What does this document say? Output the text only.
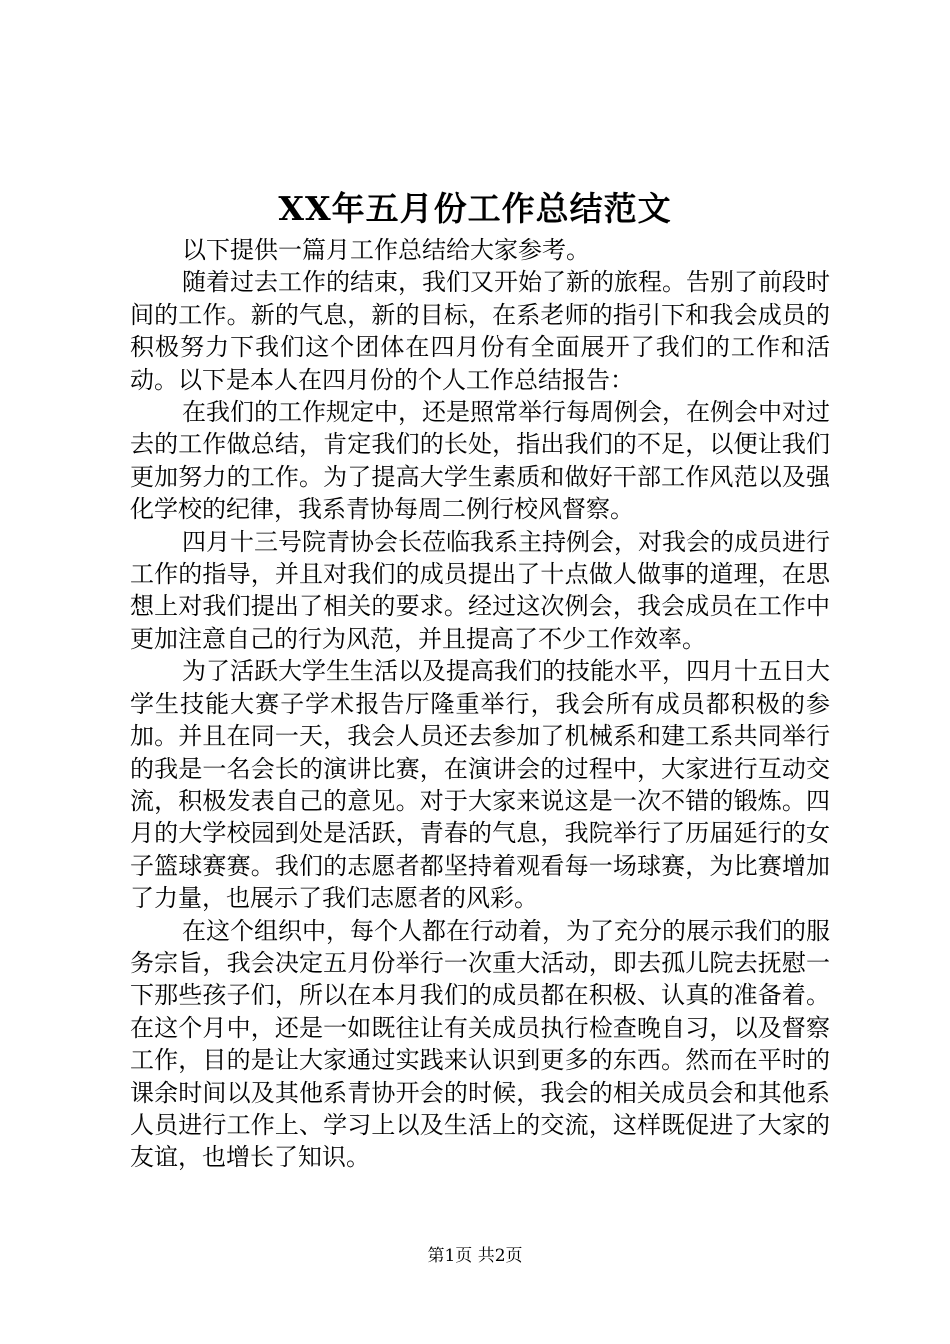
XX年五月份工作总结范文

以下提供一篇月工作总结给大家参考。

随着过去工作的结束，我们又开始了新的旅程。告别了前段时间的工作。新的气息，新的目标，在系老师的指引下和我会成员的积极努力下我们这个团体在四月份有全面展开了我们的工作和活动。以下是本人在四月份的个人工作总结报告：

在我们的工作规定中，还是照常举行每周例会，在例会中对过去的工作做总结，肯定我们的长处，指出我们的不足，以便让我们更加努力的工作。为了提高大学生素质和做好干部工作风范以及强化学校的纪律，我系青协每周二例行校风督察。

四月十三号院青协会长莅临我系主持例会，对我会的成员进行工作的指导，并且对我们的成员提出了十点做人做事的道理，在思想上对我们提出了相关的要求。经过这次例会，我会成员在工作中更加注意自己的行为风范，并且提高了不少工作效率。

为了活跃大学生生活以及提高我们的技能水平，四月十五日大学生技能大赛子学术报告厅隆重举行，我会所有成员都积极的参加。并且在同一天，我会人员还去参加了机械系和建工系共同举行的我是一名会长的演讲比赛，在演讲会的过程中，大家进行互动交流，积极发表自己的意见。对于大家来说这是一次不错的锻炼。四月的大学校园到处是活跃，青春的气息，我院举行了历届延行的女子篮球赛赛。我们的志愿者都坚持着观看每一场球赛，为比赛增加了力量，也展示了我们志愿者的风彩。

在这个组织中，每个人都在行动着，为了充分的展示我们的服务宗旨，我会决定五月份举行一次重大活动，即去孤儿院去抚慰一下那些孩子们，所以在本月我们的成员都在积极、认真的准备着。在这个月中，还是一如既往让有关成员执行检查晚自习，以及督察工作，目的是让大家通过实践来认识到更多的东西。然而在平时的课余时间以及其他系青协开会的时候，我会的相关成员会和其他系人员进行工作上、学习上以及生活上的交流，这样既促进了大家的友谊，也增长了知识。

第1页 共2页
